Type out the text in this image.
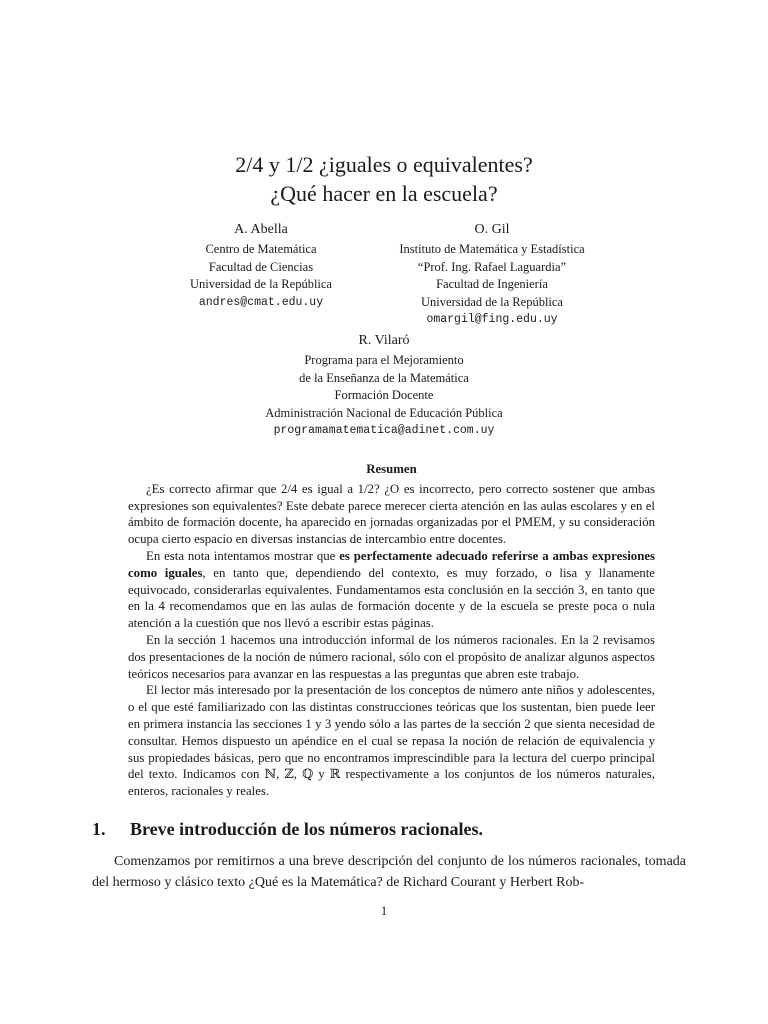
2/4 y 1/2 ¿iguales o equivalentes?
¿Qué hacer en la escuela?
A. Abella
Centro de Matemática
Facultad de Ciencias
Universidad de la República
andres@cmat.edu.uy
O. Gil
Instituto de Matemática y Estadística
“Prof. Ing. Rafael Laguardia”
Facultad de Ingeniería
Universidad de la República
omargil@fing.edu.uy
R. Vilaró
Programa para el Mejoramiento
de la Enseñanza de la Matemática
Formación Docente
Administración Nacional de Educación Pública
programamatematica@adinet.com.uy
Resumen

¿Es correcto afirmar que 2/4 es igual a 1/2? ¿O es incorrecto, pero correcto sostener que ambas expresiones son equivalentes? Este debate parece merecer cierta atención en las aulas escolares y en el ámbito de formación docente, ha aparecido en jornadas organizadas por el PMEM, y su consideración ocupa cierto espacio en diversas instancias de intercambio entre docentes.

En esta nota intentamos mostrar que es perfectamente adecuado referirse a ambas expresiones como iguales, en tanto que, dependiendo del contexto, es muy forzado, o lisa y llanamente equivocado, considerarlas equivalentes. Fundamentamos esta conclusión en la sección 3, en tanto que en la 4 recomendamos que en las aulas de formación docente y de la escuela se preste poca o nula atención a la cuestión que nos llevó a escribir estas páginas.

En la sección 1 hacemos una introducción informal de los números racionales. En la 2 revisamos dos presentaciones de la noción de número racional, sólo con el propósito de analizar algunos aspectos teóricos necesarios para avanzar en las respuestas a las preguntas que abren este trabajo.

El lector más interesado por la presentación de los conceptos de número ante niños y adolescentes, o el que esté familiarizado con las distintas construcciones teóricas que los sustentan, bien puede leer en primera instancia las secciones 1 y 3 yendo sólo a las partes de la sección 2 que sienta necesidad de consultar. Hemos dispuesto un apéndice en el cual se repasa la noción de relación de equivalencia y sus propiedades básicas, pero que no encontramos imprescindible para la lectura del cuerpo principal del texto. Indicamos con ℕ, ℤ, ℚ y ℝ respectivamente a los conjuntos de los números naturales, enteros, racionales y reales.

1. Breve introducción de los números racionales.

Comenzamos por remitirnos a una breve descripción del conjunto de los números racionales, tomada del hermoso y clásico texto ¿Qué es la Matemática? de Richard Courant y Herbert Rob-

1
